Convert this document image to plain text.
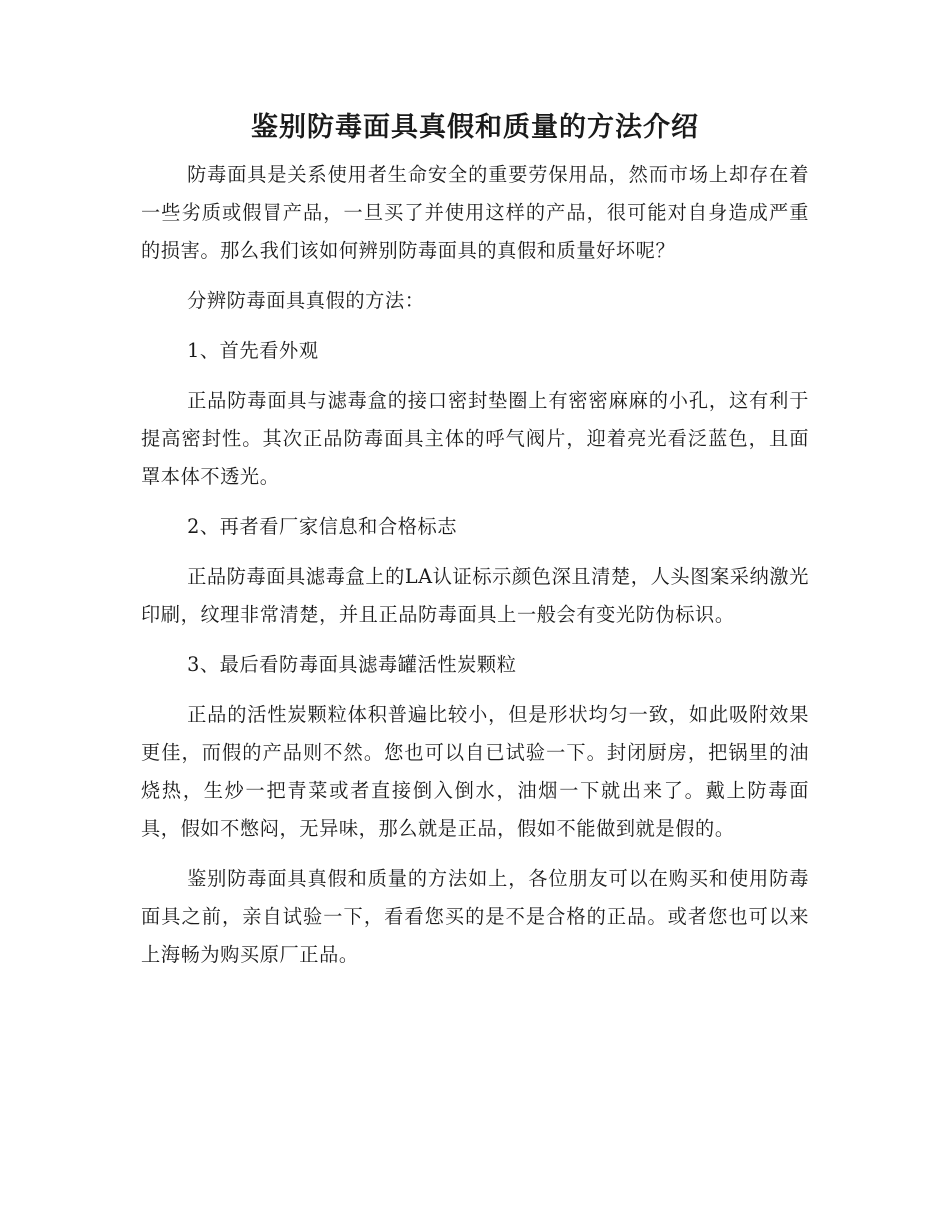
鉴别防毒面具真假和质量的方法介绍

防毒面具是关系使用者生命安全的重要劳保用品，然而市场上却存在着一些劣质或假冒产品，一旦买了并使用这样的产品，很可能对自身造成严重的损害。那么我们该如何辨别防毒面具的真假和质量好坏呢？

分辨防毒面具真假的方法：

1、首先看外观

正品防毒面具与滤毒盒的接口密封垫圈上有密密麻麻的小孔，这有利于提高密封性。其次正品防毒面具主体的呼气阀片，迎着亮光看泛蓝色，且面罩本体不透光。

2、再者看厂家信息和合格标志

正品防毒面具滤毒盒上的LA认证标示颜色深且清楚，人头图案采纳激光印刷，纹理非常清楚，并且正品防毒面具上一般会有变光防伪标识。

3、最后看防毒面具滤毒罐活性炭颗粒

正品的活性炭颗粒体积普遍比较小，但是形状均匀一致，如此吸附效果更佳，而假的产品则不然。您也可以自已试验一下。封闭厨房，把锅里的油烧热，生炒一把青菜或者直接倒入倒水，油烟一下就出来了。戴上防毒面具，假如不憋闷，无异味，那么就是正品，假如不能做到就是假的。

鉴别防毒面具真假和质量的方法如上，各位朋友可以在购买和使用防毒面具之前，亲自试验一下，看看您买的是不是合格的正品。或者您也可以来上海畅为购买原厂正品。
